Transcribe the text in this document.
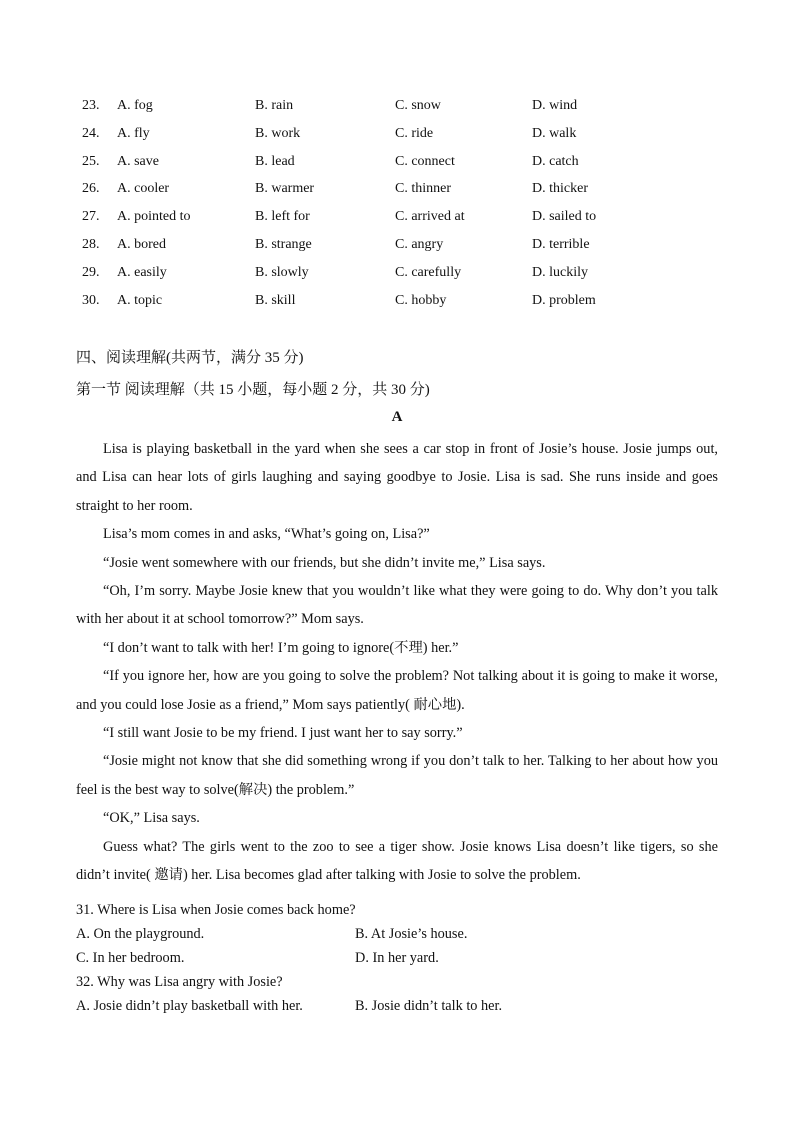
23. A. fog	B. rain	C. snow	D. wind
24. A. fly	B. work	C. ride	D. walk
25. A. save	B. lead	C. connect	D. catch
26. A. cooler	B. warmer	C. thinner	D. thicker
27. A. pointed to	B. left for	C. arrived at	D. sailed to
28. A. bored	B. strange	C. angry	D. terrible
29. A. easily	B. slowly	C. carefully	D. luckily
30. A. topic	B. skill	C. hobby	D. problem
四、阅读理解(共两节，满分 35 分)
第一节 阅读理解（共 15 小题，每小题 2 分，共 30 分)
A

Lisa is playing basketball in the yard when she sees a car stop in front of Josie’s house. Josie jumps out, and Lisa can hear lots of girls laughing and saying goodbye to Josie. Lisa is sad. She runs inside and goes straight to her room.

Lisa’s mom comes in and asks, “What’s going on, Lisa?”

“Josie went somewhere with our friends, but she didn’t invite me,” Lisa says.

“Oh, I’m sorry. Maybe Josie knew that you wouldn’t like what they were going to do. Why don’t you talk with her about it at school tomorrow?” Mom says.

“I don’t want to talk with her! I’m going to ignore(不理) her.”

“If you ignore her, how are you going to solve the problem? Not talking about it is going to make it worse, and you could lose Josie as a friend,” Mom says patiently( 耐心地).

“I still want Josie to be my friend. I just want her to say sorry.”

“Josie might not know that she did something wrong if you don’t talk to her. Talking to her about how you feel is the best way to solve(解决) the problem.”

“OK,” Lisa says.

Guess what? The girls went to the zoo to see a tiger show. Josie knows Lisa doesn’t like tigers, so she didn’t invite( 邀请) her. Lisa becomes glad after talking with Josie to solve the problem.

31. Where is Lisa when Josie comes back home?
A. On the playground.	B. At Josie’s house.
C. In her bedroom.	D. In her yard.
32. Why was Lisa angry with Josie?
A. Josie didn’t play basketball with her.	B. Josie didn’t talk to her.
